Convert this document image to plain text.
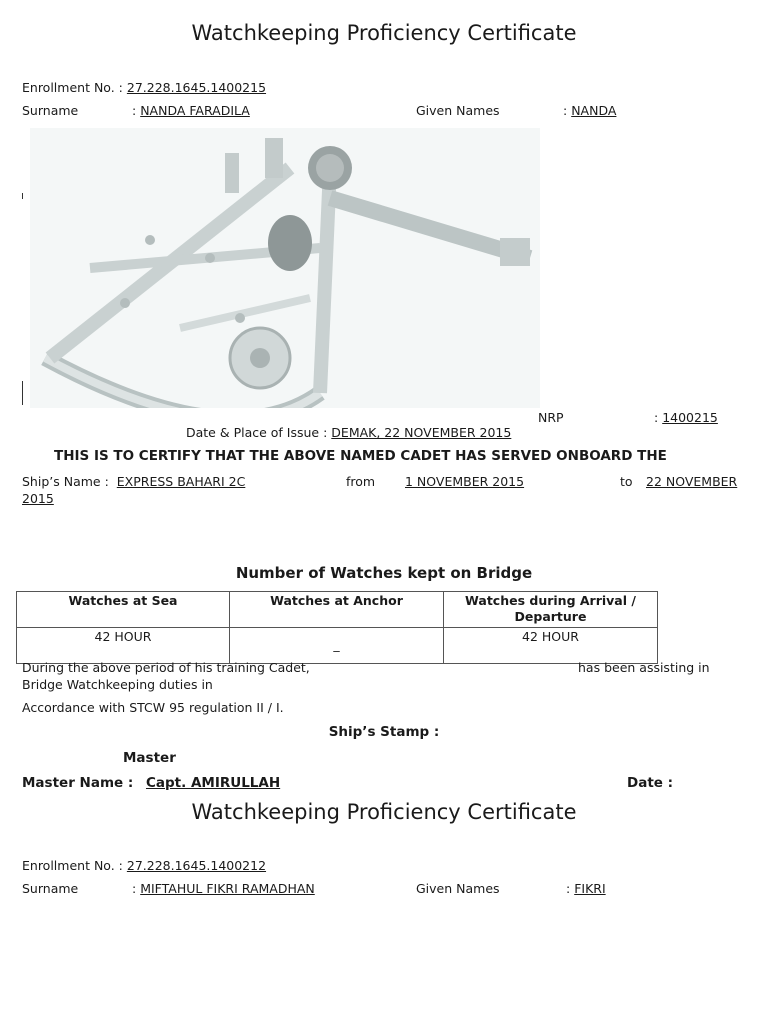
Watchkeeping Proficiency Certificate
Enrollment No. : 27.228.1645.1400215
Surname	: NANDA FARADILA	Given Names	: NANDA
NRP	: 1400215
Date & Place of Issue : DEMAK, 22 NOVEMBER 2015
THIS IS TO CERTIFY THAT THE ABOVE NAMED CADET HAS SERVED ONBOARD THE
Ship’s Name : EXPRESS BAHARI 2C	from 1 NOVEMBER 2015	to 22 NOVEMBER
2015
Number of Watches kept on Bridge
Watches at Sea	Watches at Anchor	Watches during Arrival / Departure
42 HOUR	_	42 HOUR
During the above period of his training Cadet,	has been assisting in
Bridge Watchkeeping duties in
Accordance with STCW 95 regulation II / I.
Ship’s Stamp :
Master
Master Name : Capt. AMIRULLAH	Date :
Watchkeeping Proficiency Certificate
Enrollment No. : 27.228.1645.1400212
Surname	: MIFTAHUL FIKRI RAMADHAN	Given Names	: FIKRI
